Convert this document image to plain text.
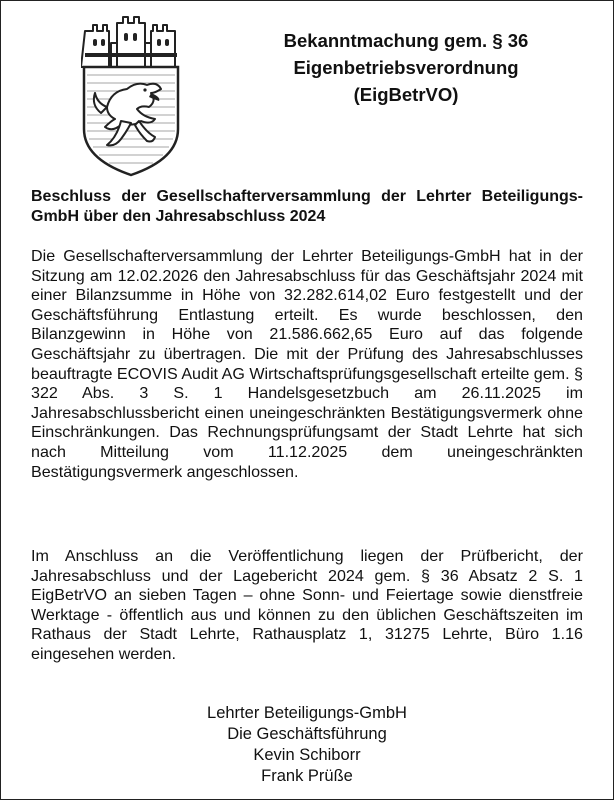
Bekanntmachung gem. § 36
Eigenbetriebsverordnung
(EigBetrVO)
Beschluss der Gesellschafterversammlung der Lehrter Beteiligungs-GmbH über den Jahresabschluss 2024
Die Gesellschafterversammlung der Lehrter Beteiligungs-GmbH hat in der Sitzung am 12.02.2026 den Jahresabschluss für das Geschäftsjahr 2024 mit einer Bilanzsumme in Höhe von 32.282.614,02 Euro festgestellt und der Geschäftsführung Entlastung erteilt. Es wurde beschlossen, den Bilanzgewinn in Höhe von 21.586.662,65 Euro auf das folgende Geschäftsjahr zu übertragen. Die mit der Prüfung des Jahresabschlusses beauftragte ECOVIS Audit AG Wirtschaftsprüfungsgesellschaft erteilte gem. § 322 Abs. 3 S. 1 Handelsgesetzbuch am 26.11.2025 im Jahresabschlussbericht einen uneingeschränkten Bestätigungsvermerk ohne Einschränkungen. Das Rechnungsprüfungsamt der Stadt Lehrte hat sich nach Mitteilung vom 11.12.2025 dem uneingeschränkten Bestätigungsvermerk angeschlossen.
Im Anschluss an die Veröffentlichung liegen der Prüfbericht, der Jahresabschluss und der Lagebericht 2024 gem. § 36 Absatz 2 S. 1 EigBetrVO an sieben Tagen – ohne Sonn- und Feiertage sowie dienstfreie Werktage - öffentlich aus und können zu den üblichen Geschäftszeiten im Rathaus der Stadt Lehrte, Rathausplatz 1, 31275 Lehrte, Büro 1.16 eingesehen werden.
Lehrter Beteiligungs-GmbH
Die Geschäftsführung
Kevin Schiborr
Frank Prüße
